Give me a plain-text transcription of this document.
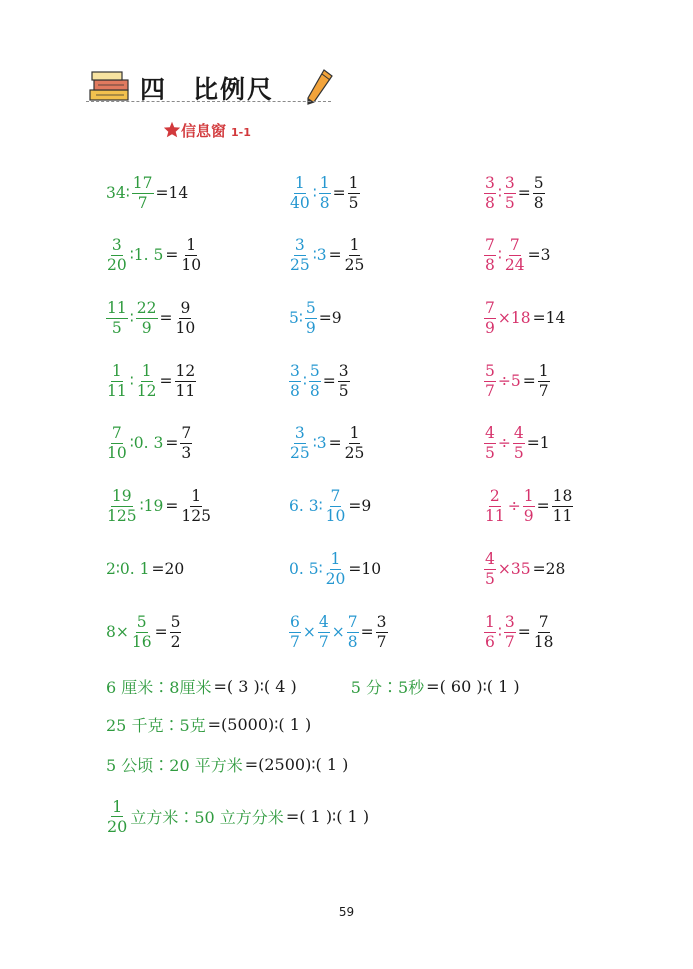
四 比例尺
信息窗 1-1
34∶ $\frac{17}{7} =14$	$\frac{1}{40}$ ∶ $\frac{1}{8} = \frac{1}{5}$	$\frac{3}{8}$ ∶ $\frac{3}{5} = \frac{5}{8}$
$\frac{3}{20}$ ∶1. $5 = \frac{1}{10}$	$\frac{3}{25}$ ∶3 = $\frac{1}{25}$	$\frac{7}{8}$ ∶ $\frac{7}{24} =3$
$\frac{11}{5}$ ∶ $\frac{22}{9} = \frac{9}{10}$	5∶ $\frac{5}{9} =9$	$\frac{7}{9} \times 18 =14$
$\frac{1}{11}$ ∶ $\frac{1}{12} = \frac{12}{11}$	$\frac{3}{8}$ ∶ $\frac{5}{8} = \frac{3}{5}$	$\frac{5}{7} \div 5 = \frac{1}{7}$
$\frac{7}{10}$ ∶0. $3 = \frac{7}{3}$	$\frac{3}{25}$ ∶3 = $\frac{1}{25}$	$\frac{4}{5} \div \frac{4}{5} =1$
$\frac{19}{125}$ ∶19 = $\frac{1}{125}$	6. 3∶ $\frac{7}{10} =9$	$\frac{2}{11} \div \frac{1}{9} = \frac{18}{11}$
2∶0. 1 =20	0. 5∶ $\frac{1}{20} =10$	$\frac{4}{5} \times 35 =28$
$8\times \frac{5}{16} = \frac{5}{2}$	$\frac{6}{7} \times \frac{4}{7} \times \frac{7}{8} = \frac{3}{7}$	$\frac{1}{6}$ ∶ $\frac{3}{7} = \frac{7}{18}$
6 厘米∶8厘米 =( 3 )∶( 4 )	5 分∶5秒 =( 60 )∶( 1 )
25 千克∶5克 =(5000)∶( 1 )
5 公顷∶20 平方米 =(2500)∶( 1 )
$\frac{1}{20}$ 立方米∶50 立方分米 =( 1 )∶( 1 )
59
